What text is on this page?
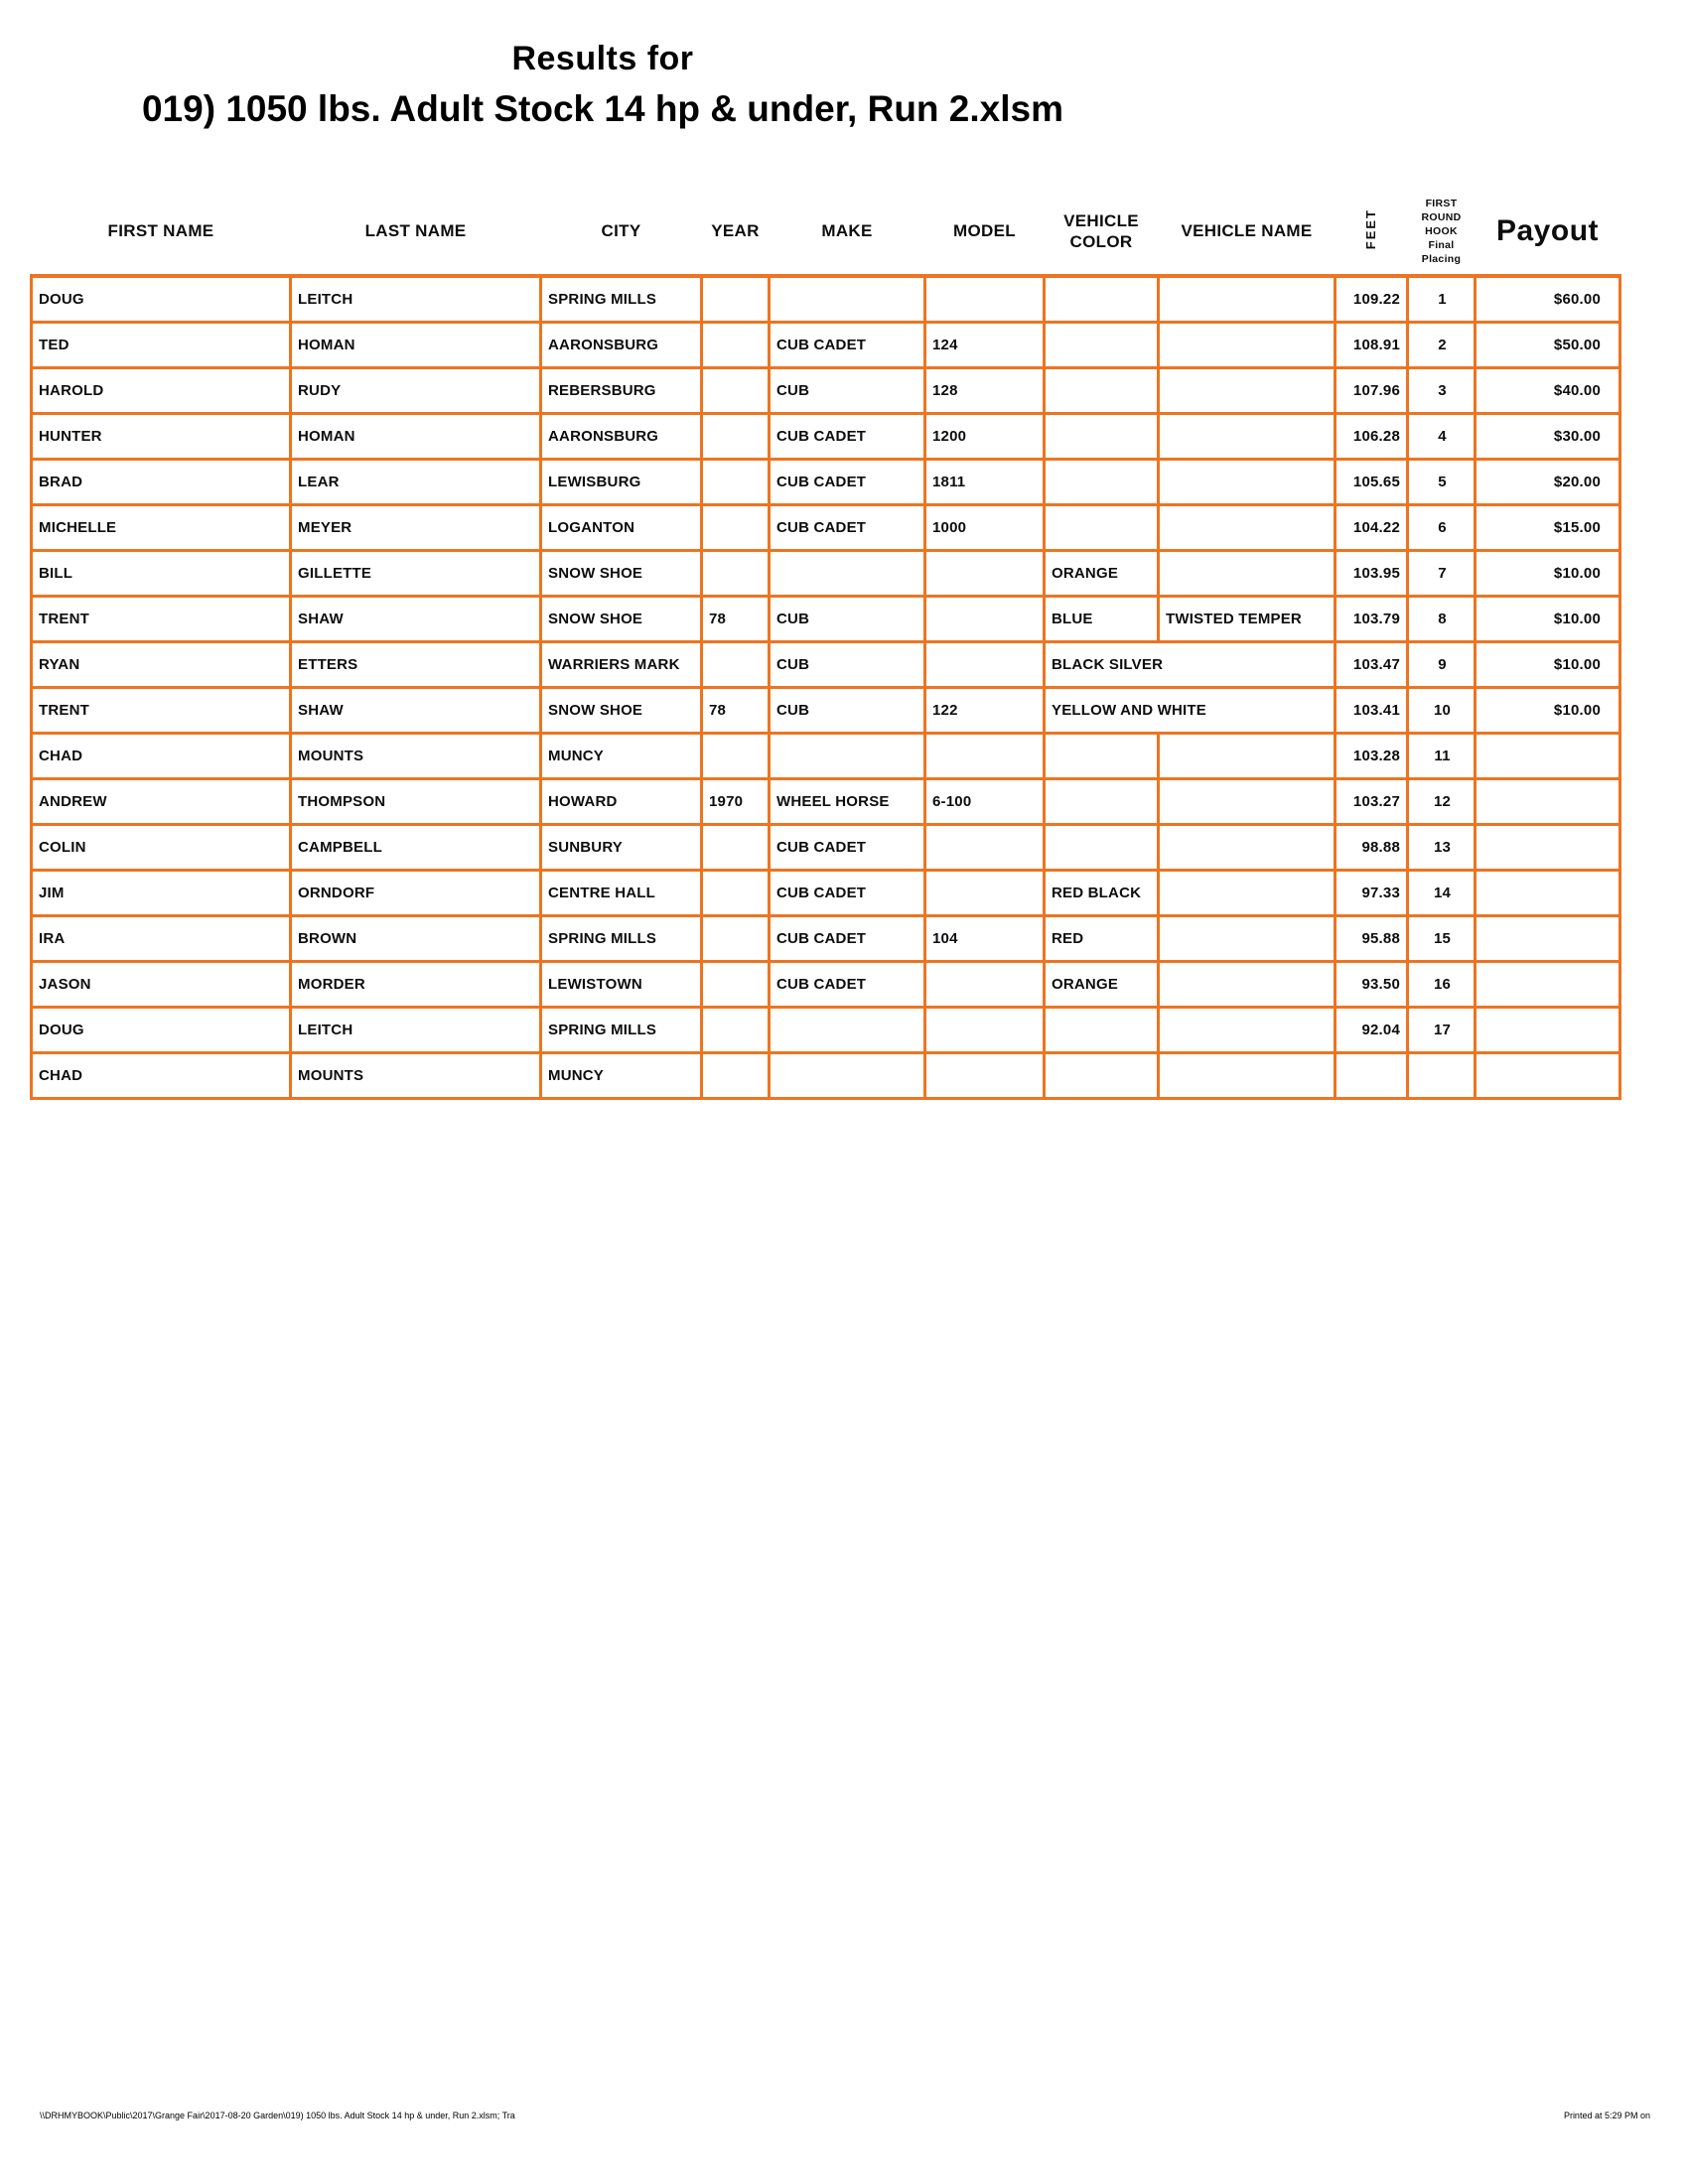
Results for
019) 1050 lbs. Adult Stock 14 hp & under, Run 2.xlsm
FIRST NAME	LAST NAME	CITY	YEAR	MAKE	MODEL	VEHICLE COLOR	VEHICLE NAME	FEET	FIRST
ROUND
HOOK
Final
Placing	Payout
DOUG	LEITCH	SPRING MILLS						109.22	1	$60.00
TED	HOMAN	AARONSBURG		CUB CADET	124			108.91	2	$50.00
HAROLD	RUDY	REBERSBURG		CUB	128			107.96	3	$40.00
HUNTER	HOMAN	AARONSBURG		CUB CADET	1200			106.28	4	$30.00
BRAD	LEAR	LEWISBURG		CUB CADET	1811			105.65	5	$20.00
MICHELLE	MEYER	LOGANTON		CUB CADET	1000			104.22	6	$15.00
BILL	GILLETTE	SNOW SHOE				ORANGE		103.95	7	$10.00
TRENT	SHAW	SNOW SHOE	78	CUB		BLUE	TWISTED TEMPER	103.79	8	$10.00
RYAN	ETTERS	WARRIERS MARK		CUB		BLACK SILVER		103.47	9	$10.00
TRENT	SHAW	SNOW SHOE	78	CUB	122	YELLOW AND WHITE		103.41	10	$10.00
CHAD	MOUNTS	MUNCY						103.28	11	
ANDREW	THOMPSON	HOWARD	1970	WHEEL HORSE	6-100			103.27	12	
COLIN	CAMPBELL	SUNBURY		CUB CADET				98.88	13	
JIM	ORNDORF	CENTRE HALL		CUB CADET		RED BLACK		97.33	14	
IRA	BROWN	SPRING MILLS		CUB CADET	104	RED		95.88	15	
JASON	MORDER	LEWISTOWN		CUB CADET		ORANGE		93.50	16	
DOUG	LEITCH	SPRING MILLS						92.04	17	
CHAD	MOUNTS	MUNCY								
\\DRHMYBOOK\Public\2017\Grange Fair\2017-08-20 Garden\019) 1050 lbs. Adult Stock 14 hp & under, Run 2.xlsm; Tra	Printed at 5:29 PM on
